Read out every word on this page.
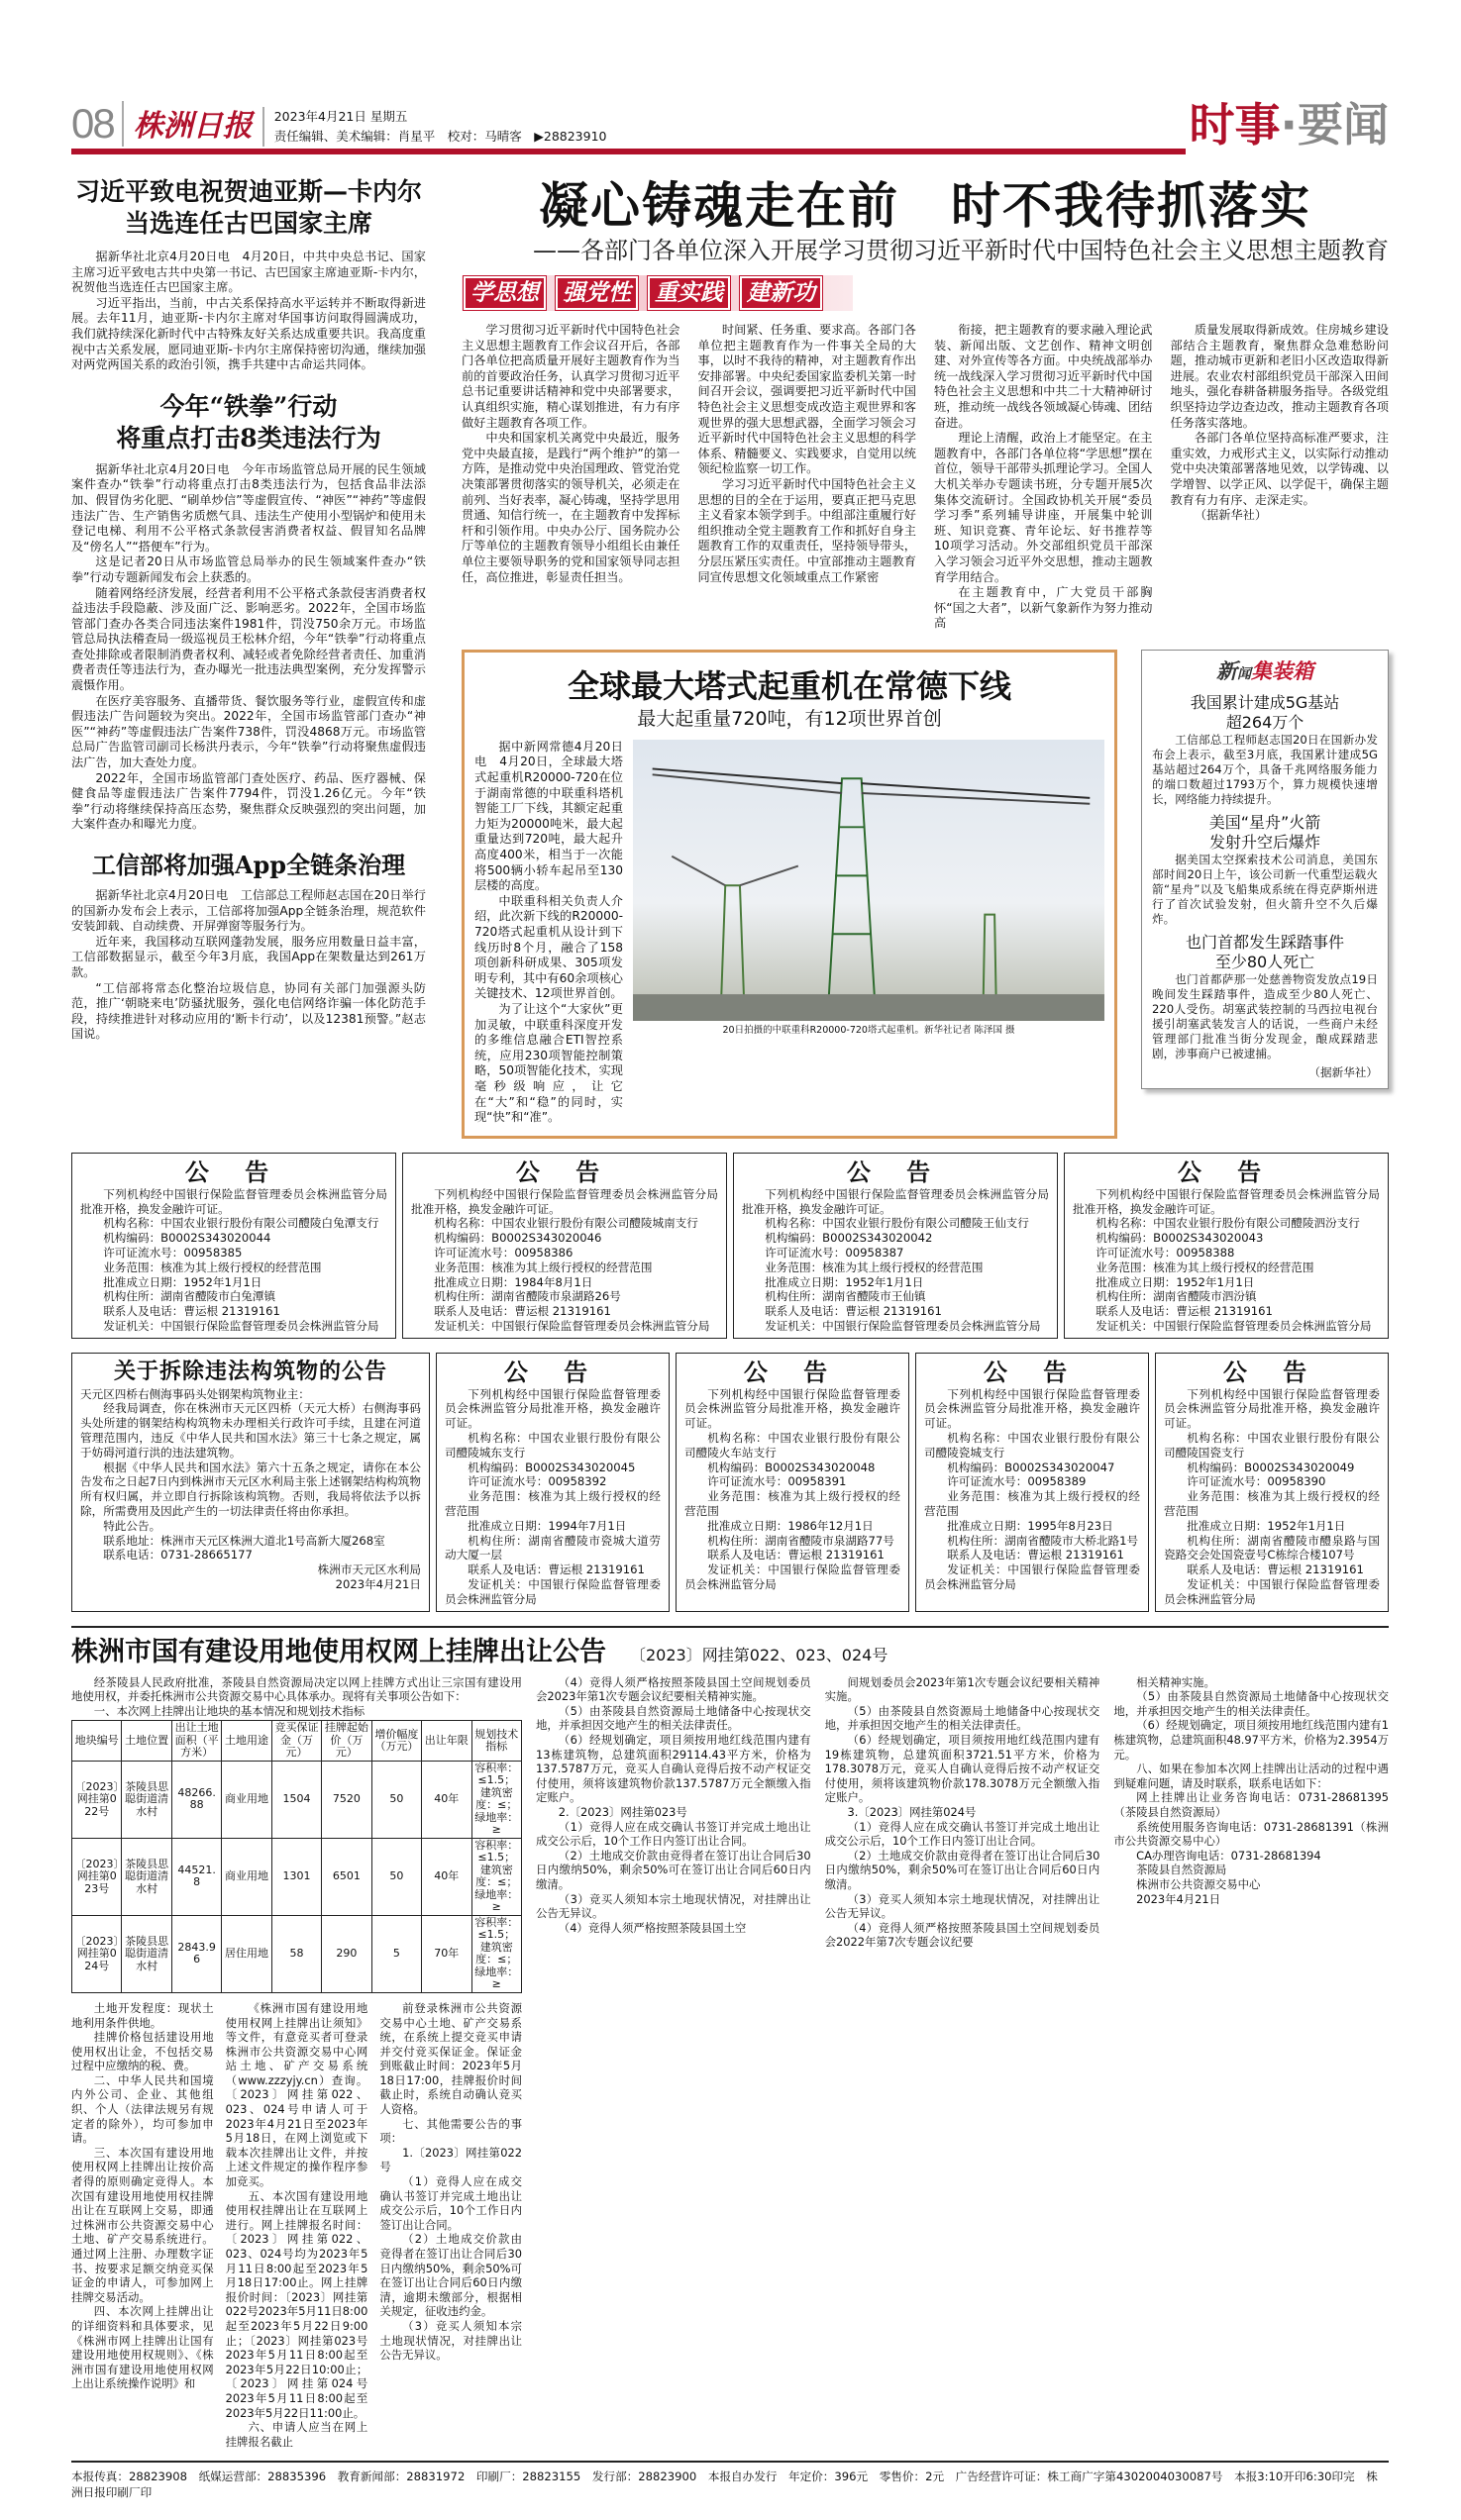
08 株洲日报	2023年4月21日 星期五
责任编辑、美术编辑：肖星平　校对：马晴客　 ▶28823910	时事·要闻
习近平致电祝贺迪亚斯—卡内尔
当选连任古巴国家主席

据新华社北京4月20日电　4月20日，中共中央总书记、国家主席习近平致电古共中央第一书记、古巴国家主席迪亚斯-卡内尔，祝贺他当选连任古巴国家主席。

习近平指出，当前，中古关系保持高水平运转并不断取得新进展。去年11月，迪亚斯-卡内尔主席对华国事访问取得圆满成功，我们就持续深化新时代中古特殊友好关系达成重要共识。我高度重视中古关系发展，愿同迪亚斯-卡内尔主席保持密切沟通，继续加强对两党两国关系的政治引领，携手共建中古命运共同体。

今年“铁拳”行动
将重点打击8类违法行为

据新华社北京4月20日电　今年市场监管总局开展的民生领域案件查办“铁拳”行动将重点打击8类违法行为，包括食品非法添加、假冒伪劣化肥、“刷单炒信”等虚假宣传、“神医”“神药”等虚假违法广告、生产销售劣质燃气具、违法生产使用小型锅炉和使用未登记电梯、利用不公平格式条款侵害消费者权益、假冒知名品牌及“傍名人”“搭便车”行为。

这是记者20日从市场监管总局举办的民生领域案件查办“铁拳”行动专题新闻发布会上获悉的。

随着网络经济发展，经营者利用不公平格式条款侵害消费者权益违法手段隐蔽、涉及面广泛、影响恶劣。2022年，全国市场监管部门查办各类合同违法案件1981件，罚没750余万元。市场监管总局执法稽查局一级巡视员王松林介绍，今年“铁拳”行动将重点查处排除或者限制消费者权利、减轻或者免除经营者责任、加重消费者责任等违法行为，查办曝光一批违法典型案例，充分发挥警示震慑作用。

在医疗美容服务、直播带货、餐饮服务等行业，虚假宣传和虚假违法广告问题较为突出。2022年，全国市场监管部门查办“神医”“神药”等虚假违法广告案件738件，罚没4868万元。市场监管总局广告监管司副司长杨洪丹表示，今年“铁拳”行动将聚焦虚假违法广告，加大查处力度。

2022年，全国市场监管部门查处医疗、药品、医疗器械、保健食品等虚假违法广告案件7794件，罚没1.26亿元。今年“铁拳”行动将继续保持高压态势，聚焦群众反映强烈的突出问题，加大案件查办和曝光力度。

工信部将加强App全链条治理

据新华社北京4月20日电　工信部总工程师赵志国在20日举行的国新办发布会上表示，工信部将加强App全链条治理，规范软件安装卸载、自动续费、开屏弹窗等服务行为。

近年来，我国移动互联网蓬勃发展，服务应用数量日益丰富，工信部数据显示，截至今年3月底，我国App在架数量达到261万款。

“工信部将常态化整治垃圾信息，协同有关部门加强源头防范，推广‘朝晓来电’防骚扰服务，强化电信网络诈骗一体化防范手段，持续推进针对移动应用的‘断卡行动’，以及12381预警。”赵志国说。

凝心铸魂走在前　时不我待抓落实
——各部门各单位深入开展学习贯彻习近平新时代中国特色社会主义思想主题教育
学思想	强党性	重实践	建新功

学习贯彻习近平新时代中国特色社会主义思想主题教育工作会议召开后，各部门各单位把高质量开展好主题教育作为当前的首要政治任务，认真学习贯彻习近平总书记重要讲话精神和党中央部署要求，认真组织实施，精心谋划推进，有力有序做好主题教育各项工作。

中央和国家机关离党中央最近，服务党中央最直接，是践行“两个维护”的第一方阵，是推动党中央治国理政、管党治党决策部署贯彻落实的领导机关，必须走在前列、当好表率，凝心铸魂，坚持学思用贯通、知信行统一，在主题教育中发挥标杆和引领作用。中央办公厅、国务院办公厅等单位的主题教育领导小组组长由兼任单位主要领导职务的党和国家领导同志担任，高位推进，彰显责任担当。

时间紧、任务重、要求高。各部门各单位把主题教育作为一件事关全局的大事，以时不我待的精神，对主题教育作出安排部署。中央纪委国家监委机关第一时间召开会议，强调要把习近平新时代中国特色社会主义思想变成改造主观世界和客观世界的强大思想武器，全面学习领会习近平新时代中国特色社会主义思想的科学体系、精髓要义、实践要求，自觉用以统领纪检监察一切工作。

学习习近平新时代中国特色社会主义思想的目的全在于运用，要真正把马克思主义看家本领学到手。中组部注重履行好组织推动全党主题教育工作和抓好自身主题教育工作的双重责任，坚持领导带头，分层压紧压实责任。中宣部推动主题教育同宣传思想文化领域重点工作紧密

衔接，把主题教育的要求融入理论武装、新闻出版、文艺创作、精神文明创建、对外宣传等各方面。中央统战部举办统一战线深入学习贯彻习近平新时代中国特色社会主义思想和中共二十大精神研讨班，推动统一战线各领域凝心铸魂、团结奋进。

理论上清醒，政治上才能坚定。在主题教育中，各部门各单位将“学思想”摆在首位，领导干部带头抓理论学习。全国人大机关举办专题读书班，分专题开展5次集体交流研讨。全国政协机关开展“委员学习季”系列辅导讲座，开展集中轮训班、知识竞赛、青年论坛、好书推荐等10项学习活动。外交部组织党员干部深入学习领会习近平外交思想，推动主题教育学用结合。

在主题教育中，广大党员干部胸怀“国之大者”，以新气象新作为努力推动高

质量发展取得新成效。住房城乡建设部结合主题教育，聚焦群众急难愁盼问题，推动城市更新和老旧小区改造取得新进展。农业农村部组织党员干部深入田间地头，强化春耕备耕服务指导。各级党组织坚持边学边查边改，推动主题教育各项任务落实落地。

各部门各单位坚持高标准严要求，注重实效，力戒形式主义，以实际行动推动党中央决策部署落地见效，以学铸魂、以学增智、以学正风、以学促干，确保主题教育有力有序、走深走实。

（据新华社）

全球最大塔式起重机在常德下线
最大起重量720吨，有12项世界首创

据中新网常德4月20日电　4月20日，全球最大塔式起重机R20000-720在位于湖南常德的中联重科塔机智能工厂下线，其额定起重力矩为20000吨米，最大起重量达到720吨，最大起升高度400米，相当于一次能将500辆小轿车起吊至130层楼的高度。

中联重科相关负责人介绍，此次新下线的R20000-720塔式起重机从设计到下线历时8个月，融合了158项创新科研成果、305项发明专利，其中有60余项核心关键技术、12项世界首创。

为了让这个“大家伙”更加灵敏，中联重科深度开发的多维信息融合ETI智控系统，应用230项智能控制策略，50项智能化技术，实现毫秒级响应，让它在“大”和“稳”的同时，实现“快”和“准”。

20日拍摄的中联重科R20000-720塔式起重机。新华社记者 陈泽国 摄
新闻集装箱
我国累计建成5G基站
超264万个

工信部总工程师赵志国20日在国新办发布会上表示，截至3月底，我国累计建成5G基站超过264万个，具备千兆网络服务能力的端口数超过1793万个，算力规模快速增长，网络能力持续提升。

美国“星舟”火箭
发射升空后爆炸

据美国太空探索技术公司消息，美国东部时间20日上午，该公司新一代重型运载火箭“星舟”以及飞船集成系统在得克萨斯州进行了首次试验发射，但火箭升空不久后爆炸。

也门首都发生踩踏事件
至少80人死亡

也门首都萨那一处慈善物资发放点19日晚间发生踩踏事件，造成至少80人死亡、220人受伤。胡塞武装控制的马西拉电视台援引胡塞武装发言人的话说，一些商户未经管理部门批准当街分发现金，酿成踩踏悲剧，涉事商户已被逮捕。

（据新华社）
公 告

下列机构经中国银行保险监督管理委员会株洲监管分局批准开格，换发金融许可证。

机构名称：中国农业银行股份有限公司醴陵白兔潭支行

机构编码：B0002S343020044

许可证流水号：00958385

业务范围：核准为其上级行授权的经营范围

批准成立日期：1952年1月1日

机构住所：湖南省醴陵市白兔潭镇

联系人及电话：曹运根 21319161

发证机关：中国银行保险监督管理委员会株洲监管分局

公 告

下列机构经中国银行保险监督管理委员会株洲监管分局批准开格，换发金融许可证。

机构名称：中国农业银行股份有限公司醴陵城南支行

机构编码：B0002S343020046

许可证流水号：00958386

业务范围：核准为其上级行授权的经营范围

批准成立日期：1984年8月1日

机构住所：湖南省醴陵市泉湖路26号

联系人及电话：曹运根 21319161

发证机关：中国银行保险监督管理委员会株洲监管分局

公 告

下列机构经中国银行保险监督管理委员会株洲监管分局批准开格，换发金融许可证。

机构名称：中国农业银行股份有限公司醴陵王仙支行

机构编码：B0002S343020042

许可证流水号：00958387

业务范围：核准为其上级行授权的经营范围

批准成立日期：1952年1月1日

机构住所：湖南省醴陵市王仙镇

联系人及电话：曹运根 21319161

发证机关：中国银行保险监督管理委员会株洲监管分局

公 告

下列机构经中国银行保险监督管理委员会株洲监管分局批准开格，换发金融许可证。

机构名称：中国农业银行股份有限公司醴陵泗汾支行

机构编码：B0002S343020043

许可证流水号：00958388

业务范围：核准为其上级行授权的经营范围

批准成立日期：1952年1月1日

机构住所：湖南省醴陵市泗汾镇

联系人及电话：曹运根 21319161

发证机关：中国银行保险监督管理委员会株洲监管分局

关于拆除违法构筑物的公告

天元区四桥右侧海事码头处钢架构筑物业主：

经我局调查，你在株洲市天元区四桥（天元大桥）右侧海事码头处所建的钢架结构构筑物未办理相关行政许可手续，且建在河道管理范围内，违反《中华人民共和国水法》第三十七条之规定，属于妨碍河道行洪的违法建筑物。

根据《中华人民共和国水法》第六十五条之规定，请你在本公告发布之日起7日内到株洲市天元区水利局主张上述钢架结构构筑物所有权归属，并立即自行拆除该构筑物。否则，我局将依法予以拆除，所需费用及因此产生的一切法律责任将由你承担。

特此公告。

联系地址：株洲市天元区株洲大道北1号高新大厦268室

联系电话：0731-28665177

株洲市天元区水利局
2023年4月21日
公 告

下列机构经中国银行保险监督管理委员会株洲监管分局批准开格，换发金融许可证。

机构名称：中国农业银行股份有限公司醴陵城东支行

机构编码：B0002S343020045

许可证流水号：00958392

业务范围：核准为其上级行授权的经营范围

批准成立日期：1994年7月1日

机构住所：湖南省醴陵市瓷城大道劳动大厦一层

联系人及电话：曹运根 21319161

发证机关：中国银行保险监督管理委员会株洲监管分局

公 告

下列机构经中国银行保险监督管理委员会株洲监管分局批准开格，换发金融许可证。

机构名称：中国农业银行股份有限公司醴陵火车站支行

机构编码：B0002S343020048

许可证流水号：00958391

业务范围：核准为其上级行授权的经营范围

批准成立日期：1986年12月1日

机构住所：湖南省醴陵市泉湖路77号

联系人及电话：曹运根 21319161

发证机关：中国银行保险监督管理委员会株洲监管分局

公 告

下列机构经中国银行保险监督管理委员会株洲监管分局批准开格，换发金融许可证。

机构名称：中国农业银行股份有限公司醴陵瓷城支行

机构编码：B0002S343020047

许可证流水号：00958389

业务范围：核准为其上级行授权的经营范围

批准成立日期：1995年8月23日

机构住所：湖南省醴陵市大桥北路1号

联系人及电话：曹运根 21319161

发证机关：中国银行保险监督管理委员会株洲监管分局

公 告

下列机构经中国银行保险监督管理委员会株洲监管分局批准开格，换发金融许可证。

机构名称：中国农业银行股份有限公司醴陵国瓷支行

机构编码：B0002S343020049

许可证流水号：00958390

业务范围：核准为其上级行授权的经营范围

批准成立日期：1952年1月1日

机构住所：湖南省醴陵市醴泉路与国瓷路交会处国瓷壹号C栋综合楼107号

联系人及电话：曹运根 21319161

发证机关：中国银行保险监督管理委员会株洲监管分局

株洲市国有建设用地使用权网上挂牌出让公告 〔2023〕网挂第022、023、024号

经茶陵县人民政府批准，茶陵县自然资源局决定以网上挂牌方式出让三宗国有建设用地使用权，并委托株洲市公共资源交易中心具体承办。现将有关事项公告如下：

一、本次网上挂牌出让地块的基本情况和规划技术指标

地块编号	土地位置	出让土地面积（平方米）	土地用途	竞买保证金（万元）	挂牌起始价（万元）	增价幅度（万元）	出让年限	规划技术指标
〔2023〕网挂第022号	茶陵县思聪街道清水村	48266.88	商业用地	1504	7520	50	40年	容积率：≤1.5；建筑密度：≤；绿地率：≥
〔2023〕网挂第023号	茶陵县思聪街道清水村	44521.8	商业用地	1301	6501	50	40年	容积率：≤1.5；建筑密度：≤；绿地率：≥
〔2023〕网挂第024号	茶陵县思聪街道清水村	2843.96	居住用地	58	290	5	70年	容积率：≤1.5；建筑密度：≤；绿地率：≥

土地开发程度：现状土地利用条件供地。

挂牌价格包括建设用地使用权出让金，不包括交易过程中应缴纳的税、费。

二、中华人民共和国境内外公司、企业、其他组织、个人（法律法规另有规定者的除外），均可参加申请。

三、本次国有建设用地使用权网上挂牌出让按价高者得的原则确定竞得人。本次国有建设用地使用权挂牌出让在互联网上交易，即通过株洲市公共资源交易中心土地、矿产交易系统进行。通过网上注册、办理数字证书、按要求足额交纳竞买保证金的申请人，可参加网上挂牌交易活动。

四、本次网上挂牌出让的详细资料和具体要求，见《株洲市网上挂牌出让国有建设用地使用权规则》、《株洲市国有建设用地使用权网上出让系统操作说明》和

《株洲市国有建设用地使用权网上挂牌出让须知》等文件，有意竞买者可登录株洲市公共资源交易中心网站土地、矿产交易系统（www.zzzyjy.cn）查询。〔2023〕网挂第022、023、024号申请人可于2023年4月21日至2023年5月18日，在网上浏览或下载本次挂牌出让文件，并按上述文件规定的操作程序参加竞买。

五、本次国有建设用地使用权挂牌出让在互联网上进行。网上挂牌报名时间：〔2023〕网挂第022、023、024号均为2023年5月11日8:00起至2023年5月18日17:00止。网上挂牌报价时间：〔2023〕网挂第022号2023年5月11日8:00起至2023年5月22日9:00止；〔2023〕网挂第023号2023年5月11日8:00起至2023年5月22日10:00止；〔2023〕网挂第024号2023年5月11日8:00起至2023年5月22日11:00止。

六、申请人应当在网上挂牌报名截止

前登录株洲市公共资源交易中心土地、矿产交易系统，在系统上提交竞买申请并交付竞买保证金。保证金到账截止时间：2023年5月18日17:00，挂牌报价时间截止时，系统自动确认竞买人资格。

七、其他需要公告的事项：

1.〔2023〕网挂第022号

（1）竞得人应在成交确认书签订并完成土地出让成交公示后，10个工作日内签订出让合同。

（2）土地成交价款由竞得者在签订出让合同后30日内缴纳50%，剩余50%可在签订出让合同后60日内缴清，逾期未缴部分，根据相关规定，征收违约金。

（3）竞买人须知本宗土地现状情况，对挂牌出让公告无异议。

（4）竞得人须严格按照茶陵县国土空间规划委员会2023年第1次专题会议纪要相关精神实施。

（5）由茶陵县自然资源局土地储备中心按现状交地，并承担因交地产生的相关法律责任。

（6）经规划确定，项目须按用地红线范围内建有13栋建筑物，总建筑面积29114.43平方米，价格为137.5787万元，竞买人自确认竞得后按不动产权证交付使用，须将该建筑物价款137.5787万元全额缴入指定账户。

2.〔2023〕网挂第023号

（1）竞得人应在成交确认书签订并完成土地出让成交公示后，10个工作日内签订出让合同。

（2）土地成交价款由竞得者在签订出让合同后30日内缴纳50%，剩余50%可在签订出让合同后60日内缴清。

（3）竞买人须知本宗土地现状情况，对挂牌出让公告无异议。

（4）竞得人须严格按照茶陵县国土空

间规划委员会2023年第1次专题会议纪要相关精神实施。

（5）由茶陵县自然资源局土地储备中心按现状交地，并承担因交地产生的相关法律责任。

（6）经规划确定，项目须按用地红线范围内建有19栋建筑物，总建筑面积3721.51平方米，价格为178.3078万元，竞买人自确认竞得后按不动产权证交付使用，须将该建筑物价款178.3078万元全额缴入指定账户。

3.〔2023〕网挂第024号

（1）竞得人应在成交确认书签订并完成土地出让成交公示后，10个工作日内签订出让合同。

（2）土地成交价款由竞得者在签订出让合同后30日内缴纳50%，剩余50%可在签订出让合同后60日内缴清。

（3）竞买人须知本宗土地现状情况，对挂牌出让公告无异议。

（4）竞得人须严格按照茶陵县国土空间规划委员会2022年第7次专题会议纪要

相关精神实施。

（5）由茶陵县自然资源局土地储备中心按现状交地，并承担因交地产生的相关法律责任。

（6）经规划确定，项目须按用地红线范围内建有1栋建筑物，总建筑面积48.97平方米，价格为2.3954万元。

八、如果在参加本次网上挂牌出让活动的过程中遇到疑难问题，请及时联系，联系电话如下：

网上挂牌出让业务咨询电话：0731-28681395（茶陵县自然资源局）

系统使用服务咨询电话：0731-28681391（株洲市公共资源交易中心）

CA办理咨询电话：0731-28681394

茶陵县自然资源局

株洲市公共资源交易中心

2023年4月21日

本报传真：28823908　纸媒运营部：28835396　教育新闻部：28831972　印刷厂：28823155　发行部：28823900　本报自办发行　年定价：396元　零售价：2元　广告经营许可证：株工商广字第4302004030087号　本报3:10开印6:30印完　株洲日报印刷厂印
